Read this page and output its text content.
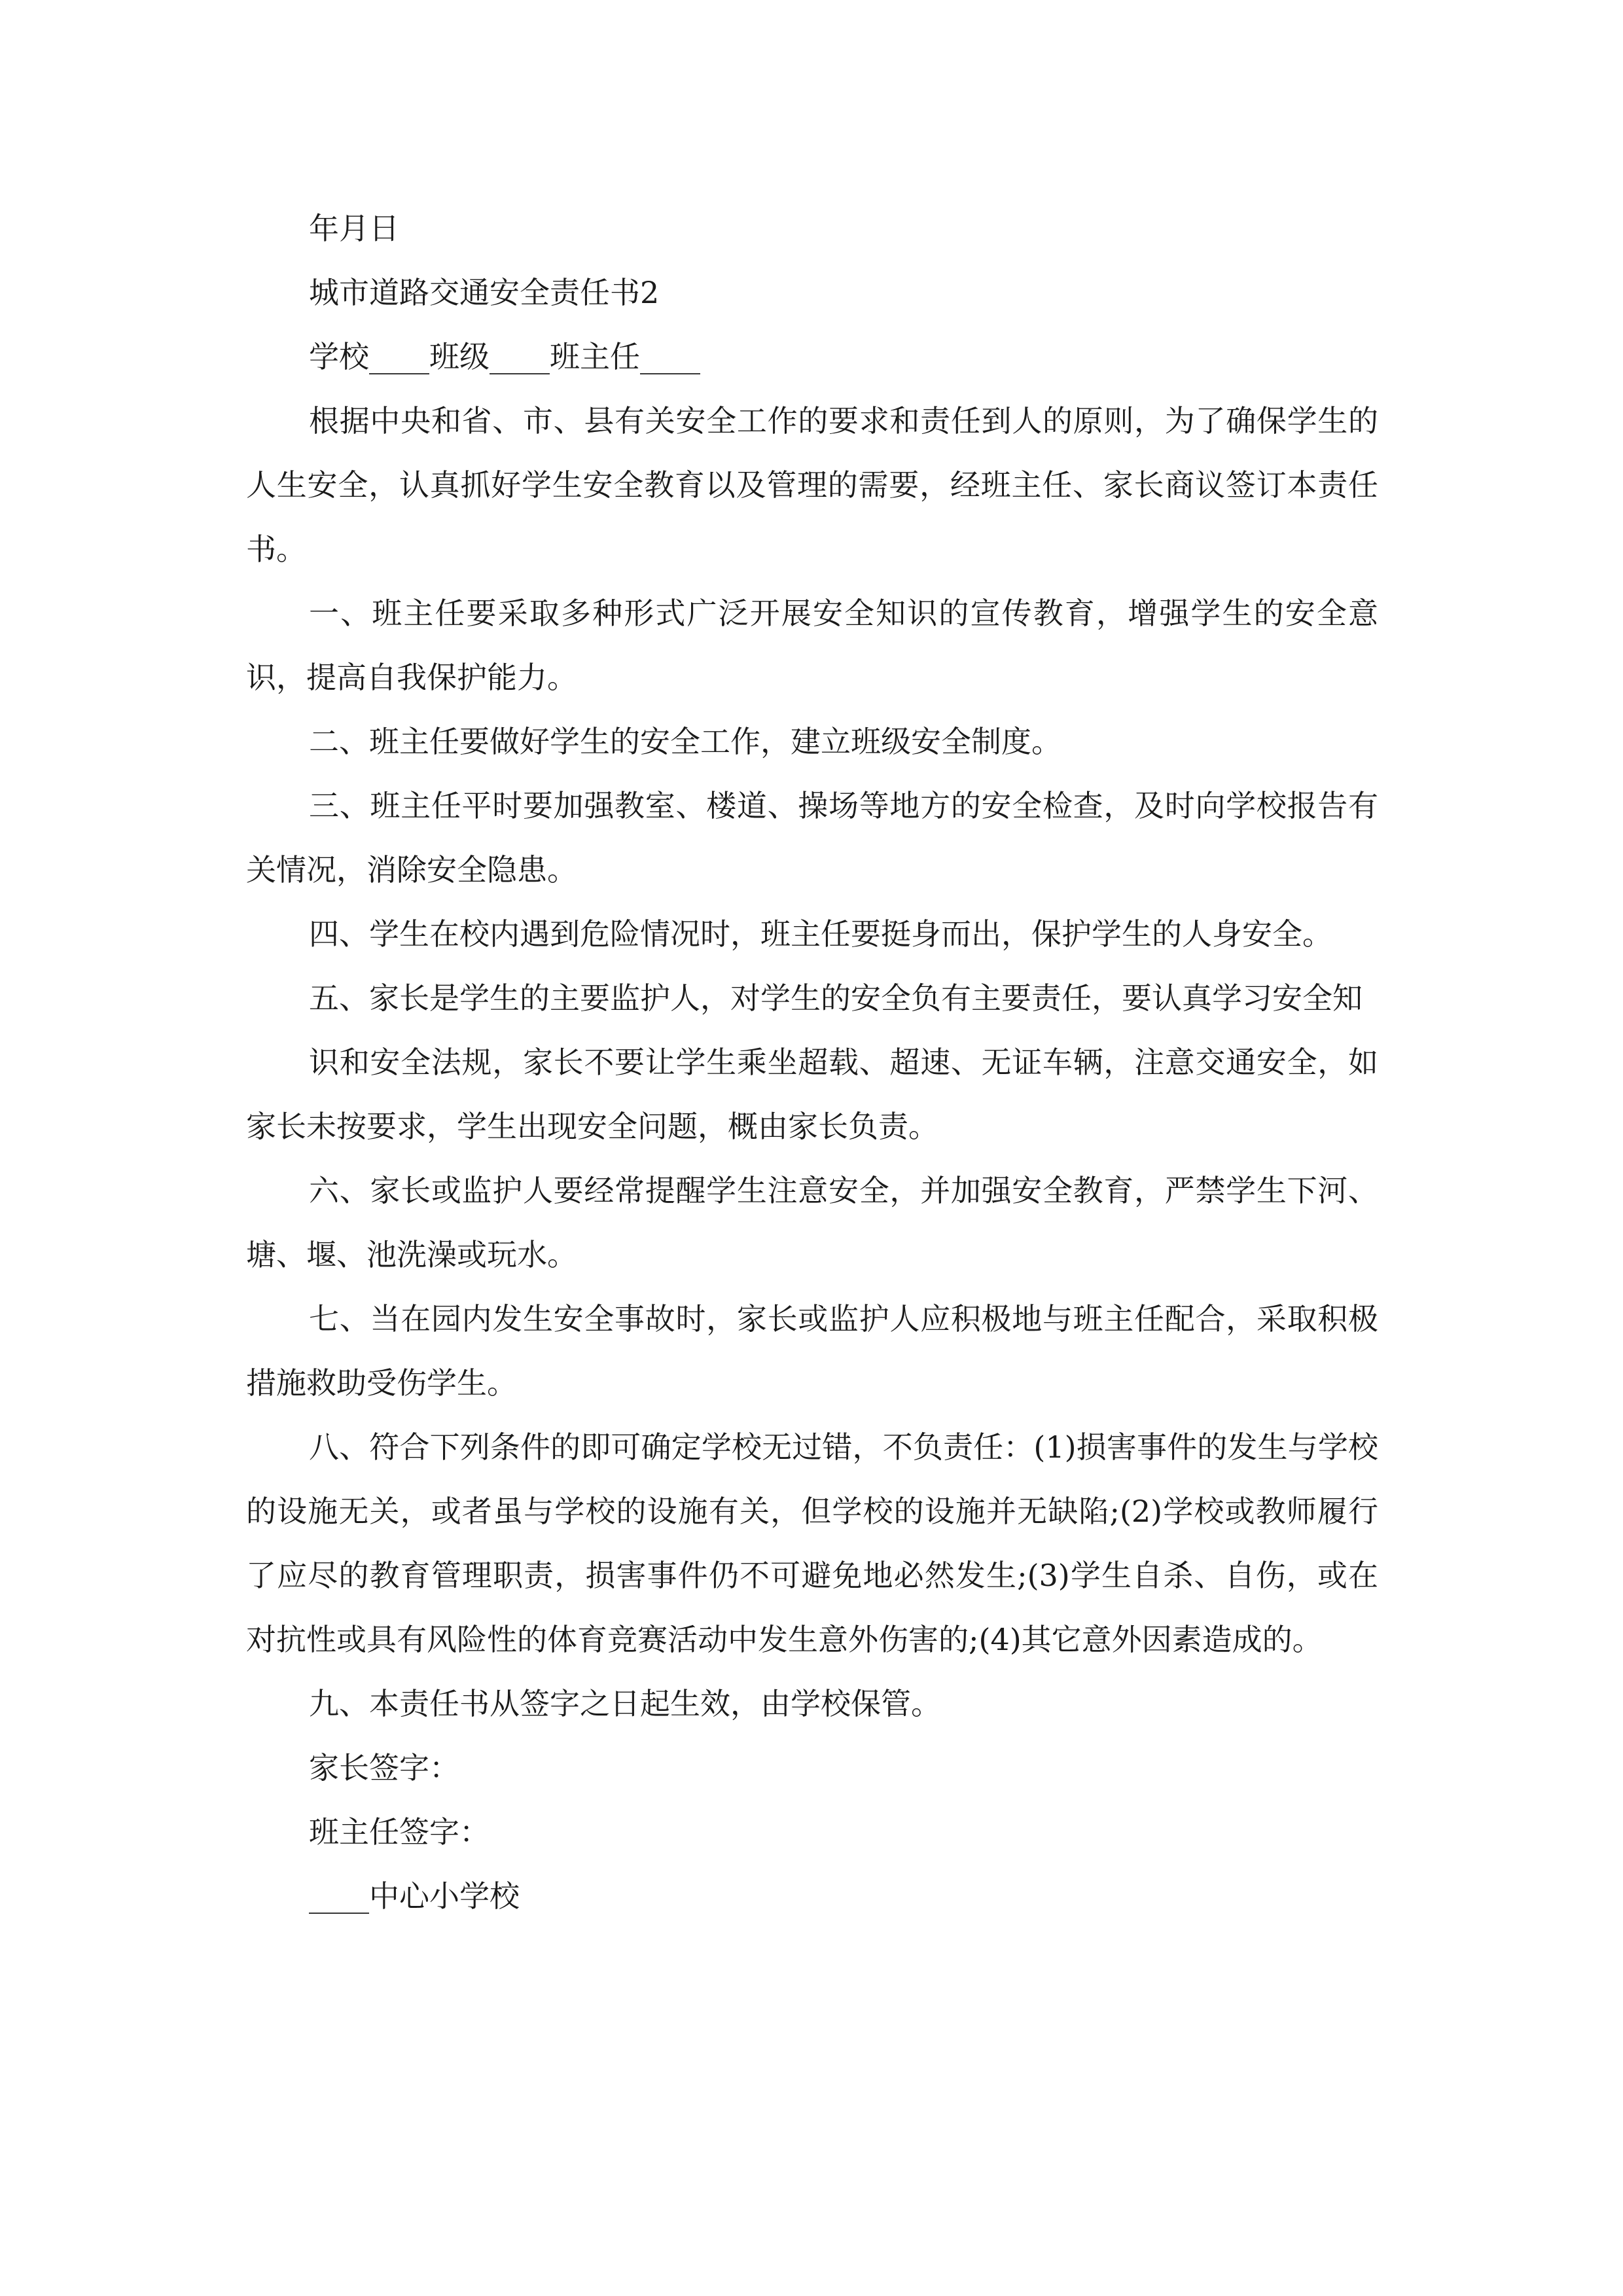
年月日
城市道路交通安全责任书2
学校____班级____班主任____
根据中央和省、市、县有关安全工作的要求和责任到人的原则，为了确保学生的人生安全，认真抓好学生安全教育以及管理的需要，经班主任、家长商议签订本责任书。
一、班主任要采取多种形式广泛开展安全知识的宣传教育，增强学生的安全意识，提高自我保护能力。
二、班主任要做好学生的安全工作，建立班级安全制度。
三、班主任平时要加强教室、楼道、操场等地方的安全检查，及时向学校报告有关情况，消除安全隐患。
四、学生在校内遇到危险情况时，班主任要挺身而出，保护学生的人身安全。
五、家长是学生的主要监护人，对学生的安全负有主要责任，要认真学习安全知
识和安全法规，家长不要让学生乘坐超载、超速、无证车辆，注意交通安全，如家长未按要求，学生出现安全问题，概由家长负责。
六、家长或监护人要经常提醒学生注意安全，并加强安全教育，严禁学生下河、塘、堰、池洗澡或玩水。
七、当在园内发生安全事故时，家长或监护人应积极地与班主任配合，采取积极措施救助受伤学生。
八、符合下列条件的即可确定学校无过错，不负责任：(1)损害事件的发生与学校的设施无关，或者虽与学校的设施有关，但学校的设施并无缺陷;(2)学校或教师履行了应尽的教育管理职责，损害事件仍不可避免地必然发生;(3)学生自杀、自伤，或在对抗性或具有风险性的体育竞赛活动中发生意外伤害的;(4)其它意外因素造成的。
九、本责任书从签字之日起生效，由学校保管。
家长签字：
班主任签字：
____中心小学校
